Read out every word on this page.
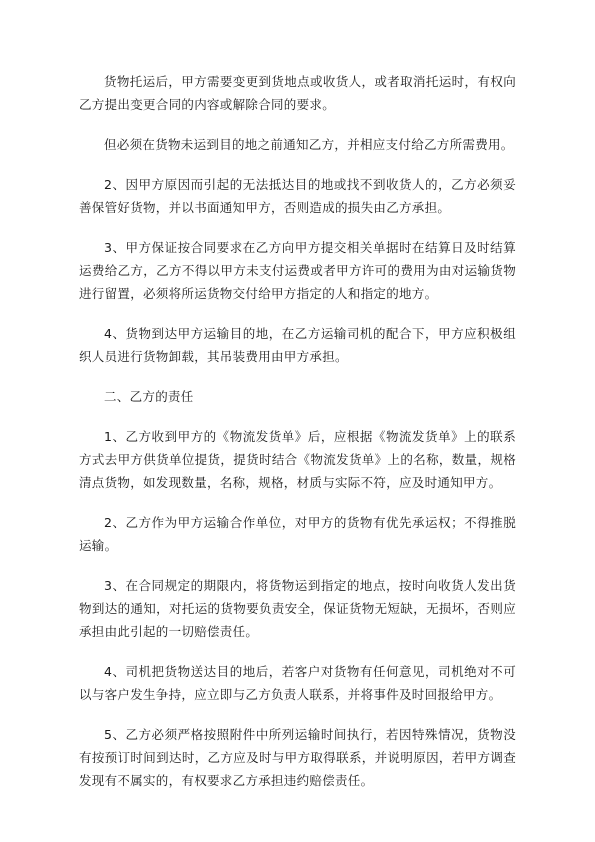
货物托运后，甲方需要变更到货地点或收货人，或者取消托运时，有权向乙方提出变更合同的内容或解除合同的要求。

但必须在货物未运到目的地之前通知乙方，并相应支付给乙方所需费用。

2、因甲方原因而引起的无法抵达目的地或找不到收货人的，乙方必须妥善保管好货物，并以书面通知甲方，否则造成的损失由乙方承担。

3、甲方保证按合同要求在乙方向甲方提交相关单据时在结算日及时结算运费给乙方，乙方不得以甲方未支付运费或者甲方许可的费用为由对运输货物进行留置，必须将所运货物交付给甲方指定的人和指定的地方。

4、货物到达甲方运输目的地，在乙方运输司机的配合下，甲方应积极组织人员进行货物卸载，其吊装费用由甲方承担。

二、乙方的责任

1、乙方收到甲方的《物流发货单》后，应根据《物流发货单》上的联系方式去甲方供货单位提货，提货时结合《物流发货单》上的名称，数量，规格清点货物，如发现数量，名称，规格，材质与实际不符，应及时通知甲方。

2、乙方作为甲方运输合作单位，对甲方的货物有优先承运权；不得推脱运输。

3、在合同规定的期限内，将货物运到指定的地点，按时向收货人发出货物到达的通知，对托运的货物要负责安全，保证货物无短缺，无损坏，否则应承担由此引起的一切赔偿责任。

4、司机把货物送达目的地后，若客户对货物有任何意见，司机绝对不可以与客户发生争持，应立即与乙方负责人联系，并将事件及时回报给甲方。

5、乙方必须严格按照附件中所列运输时间执行，若因特殊情况，货物没有按预订时间到达时，乙方应及时与甲方取得联系，并说明原因，若甲方调查发现有不属实的，有权要求乙方承担违约赔偿责任。
